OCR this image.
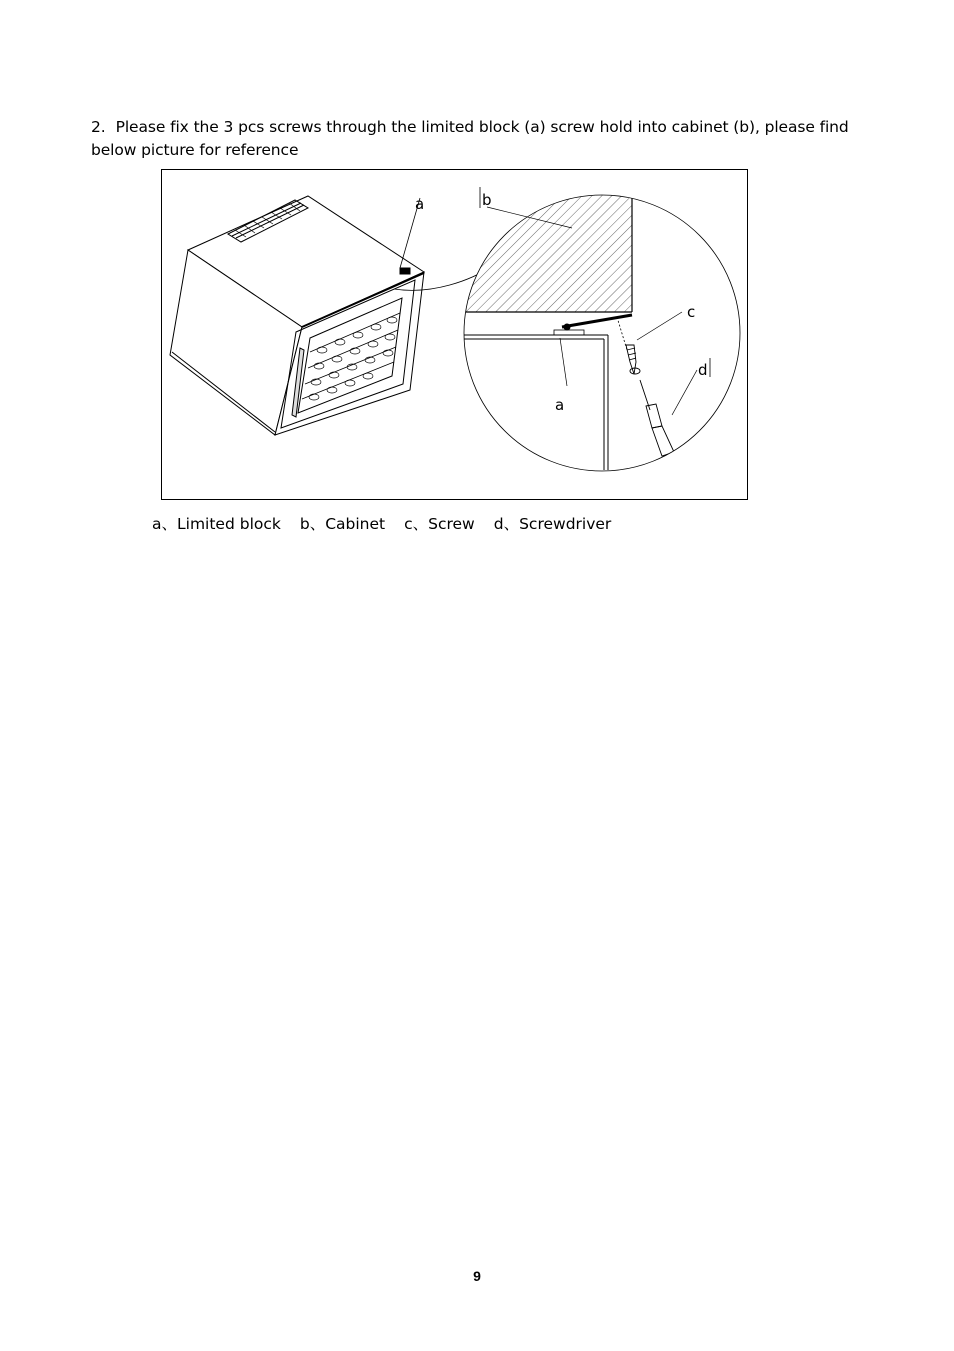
2. Please fix the 3 pcs screws through the limited block (a) screw hold into cabinet (b), please find below picture for reference
a	b
c
d
a
a、Limited block b、Cabinet c、Screw d、Screwdriver
9
